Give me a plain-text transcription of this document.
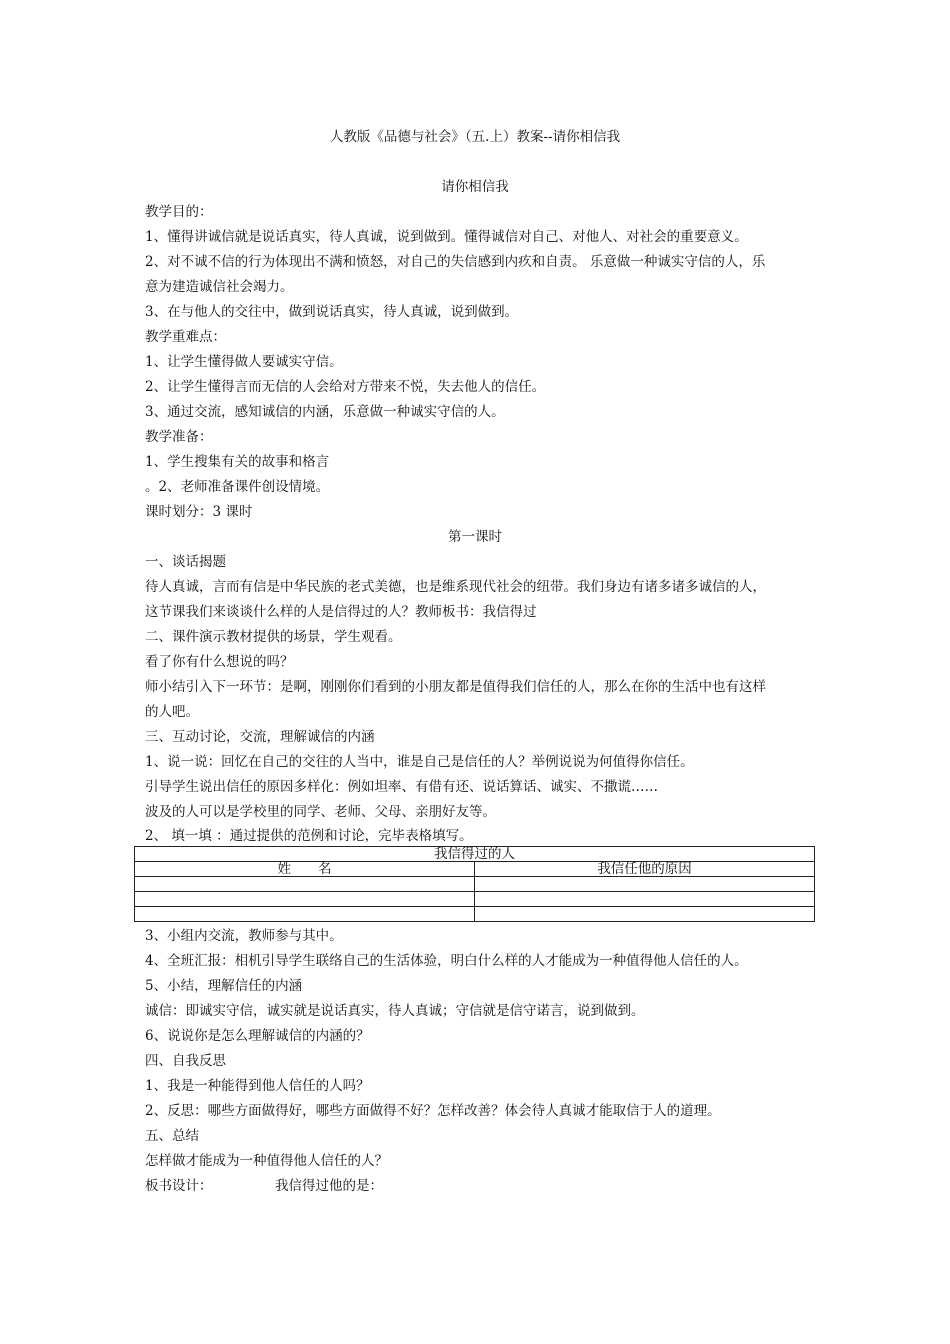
人教版《品德与社会》（五.上）教案--请你相信我
请你相信我
教学目的：
1、懂得讲诚信就是说话真实，待人真诚，说到做到。懂得诚信对自己、对他人、对社会的重要意义。
2、对不诚不信的行为体现出不满和愤怒，对自己的失信感到内疚和自责。 乐意做一种诚实守信的人，乐
意为建造诚信社会竭力。
3、在与他人的交往中，做到说话真实，待人真诚，说到做到。
教学重难点：
1、让学生懂得做人要诚实守信。
2、让学生懂得言而无信的人会给对方带来不悦，失去他人的信任。
3、通过交流，感知诚信的内涵，乐意做一种诚实守信的人。
教学准备：
1、学生搜集有关的故事和格言
。2、老师准备课件创设情境。
课时划分：3 课时
第一课时
一、谈话揭题
待人真诚，言而有信是中华民族的老式美德，也是维系现代社会的纽带。我们身边有诸多诸多诚信的人，
这节课我们来谈谈什么样的人是信得过的人？教师板书：我信得过
二、课件演示教材提供的场景，学生观看。
看了你有什么想说的吗？
师小结引入下一环节：是啊，刚刚你们看到的小朋友都是值得我们信任的人，那么在你的生活中也有这样
的人吧。
三、互动讨论，交流，理解诚信的内涵
1、说一说：回忆在自己的交往的人当中，谁是自己是信任的人？举例说说为何值得你信任。
引导学生说出信任的原因多样化：例如坦率、有借有还、说话算话、诚实、不撒谎……
波及的人可以是学校里的同学、老师、父母、亲朋好友等。
2、 填一填 ：通过提供的范例和讨论，完毕表格填写。
我信得过的人	
姓　　名	我信任他的原因

3、小组内交流，教师参与其中。
4、全班汇报：相机引导学生联络自己的生活体验，明白什么样的人才能成为一种值得他人信任的人。
5、小结，理解信任的内涵
诚信：即诚实守信，诚实就是说话真实，待人真诚；守信就是信守诺言，说到做到。
6、说说你是怎么理解诚信的内涵的？
四、自我反思
1、我是一种能得到他人信任的人吗？
2、反思：哪些方面做得好，哪些方面做得不好？怎样改善？体会待人真诚才能取信于人的道理。
五、总结
怎样做才能成为一种值得他人信任的人？
板书设计：	我信得过他的是：
